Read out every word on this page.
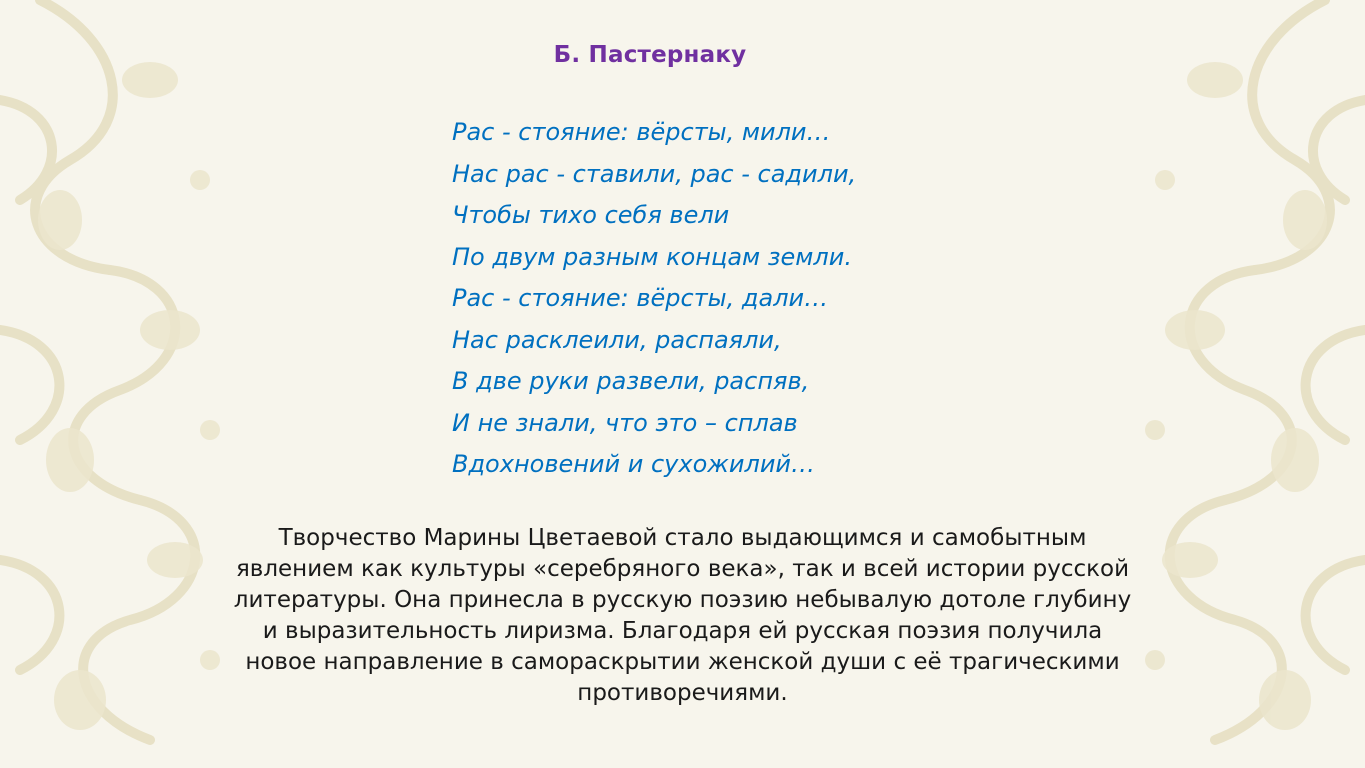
Б. Пастернаку
Рас - стояние: вёрсты, мили…
Нас рас - ставили, рас - садили,
Чтобы тихо себя вели
По двум разным концам земли.
Рас - стояние: вёрсты, дали…
Нас расклеили, распаяли,
В две руки развели, распяв,
И не знали, что это – сплав
Вдохновений и сухожилий…
Творчество Марины Цветаевой стало выдающимся и самобытным
явлением как культуры «серебряного века», так и всей истории русской
литературы. Она принесла в русскую поэзию небывалую дотоле глубину
и выразительность лиризма. Благодаря ей русская поэзия получила
новое направление в самораскрытии женской души с её трагическими
противоречиями.
